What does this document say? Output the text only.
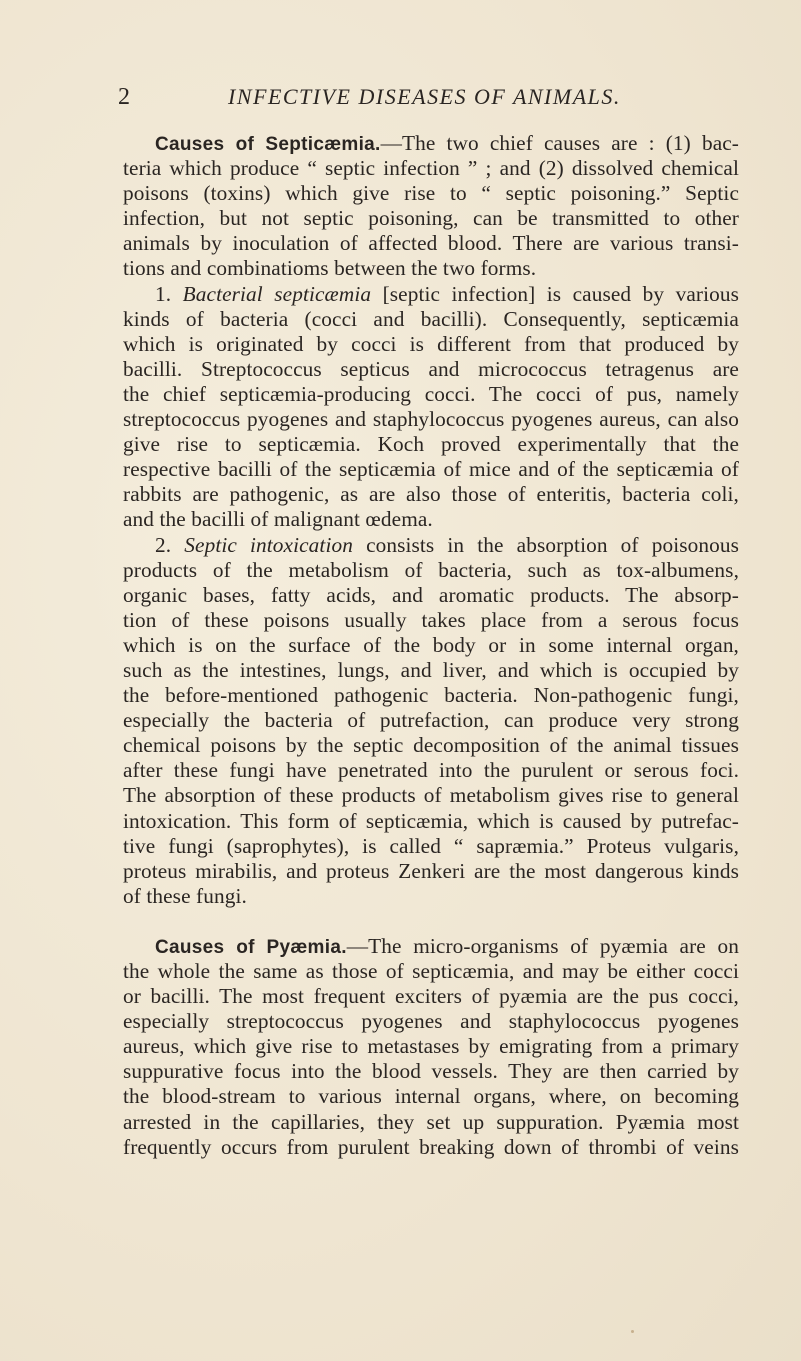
2	INFECTIVE DISEASES OF ANIMALS.
Causes of Septicæmia.—The two chief causes are : (1) bac-
teria which produce “ septic infection ” ; and (2) dissolved chemical
poisons (toxins) which give rise to “ septic poisoning.” Septic
infection, but not septic poisoning, can be transmitted to other
animals by inoculation of affected blood. There are various transi-
tions and combinatioms between the two forms.
1. Bacterial septicæmia [septic infection] is caused by various
kinds of bacteria (cocci and bacilli). Consequently, septicæmia
which is originated by cocci is different from that produced by
bacilli. Streptococcus septicus and micrococcus tetragenus are
the chief septicæmia-producing cocci. The cocci of pus, namely
streptococcus pyogenes and staphylococcus pyogenes aureus, can also
give rise to septicæmia. Koch proved experimentally that the
respective bacilli of the septicæmia of mice and of the septicæmia of
rabbits are pathogenic, as are also those of enteritis, bacteria coli,
and the bacilli of malignant œdema.
2. Septic intoxication consists in the absorption of poisonous
products of the metabolism of bacteria, such as tox-albumens,
organic bases, fatty acids, and aromatic products. The absorp-
tion of these poisons usually takes place from a serous focus
which is on the surface of the body or in some internal organ,
such as the intestines, lungs, and liver, and which is occupied by
the before-mentioned pathogenic bacteria. Non-pathogenic fungi,
especially the bacteria of putrefaction, can produce very strong
chemical poisons by the septic decomposition of the animal tissues
after these fungi have penetrated into the purulent or serous foci.
The absorption of these products of metabolism gives rise to general
intoxication. This form of septicæmia, which is caused by putrefac-
tive fungi (saprophytes), is called “ sapræmia.” Proteus vulgaris,
proteus mirabilis, and proteus Zenkeri are the most dangerous kinds
of these fungi.
Causes of Pyæmia.—The micro-organisms of pyæmia are on
the whole the same as those of septicæmia, and may be either cocci
or bacilli. The most frequent exciters of pyæmia are the pus cocci,
especially streptococcus pyogenes and staphylococcus pyogenes
aureus, which give rise to metastases by emigrating from a primary
suppurative focus into the blood vessels. They are then carried by
the blood-stream to various internal organs, where, on becoming
arrested in the capillaries, they set up suppuration. Pyæmia most
frequently occurs from purulent breaking down of thrombi of veins
